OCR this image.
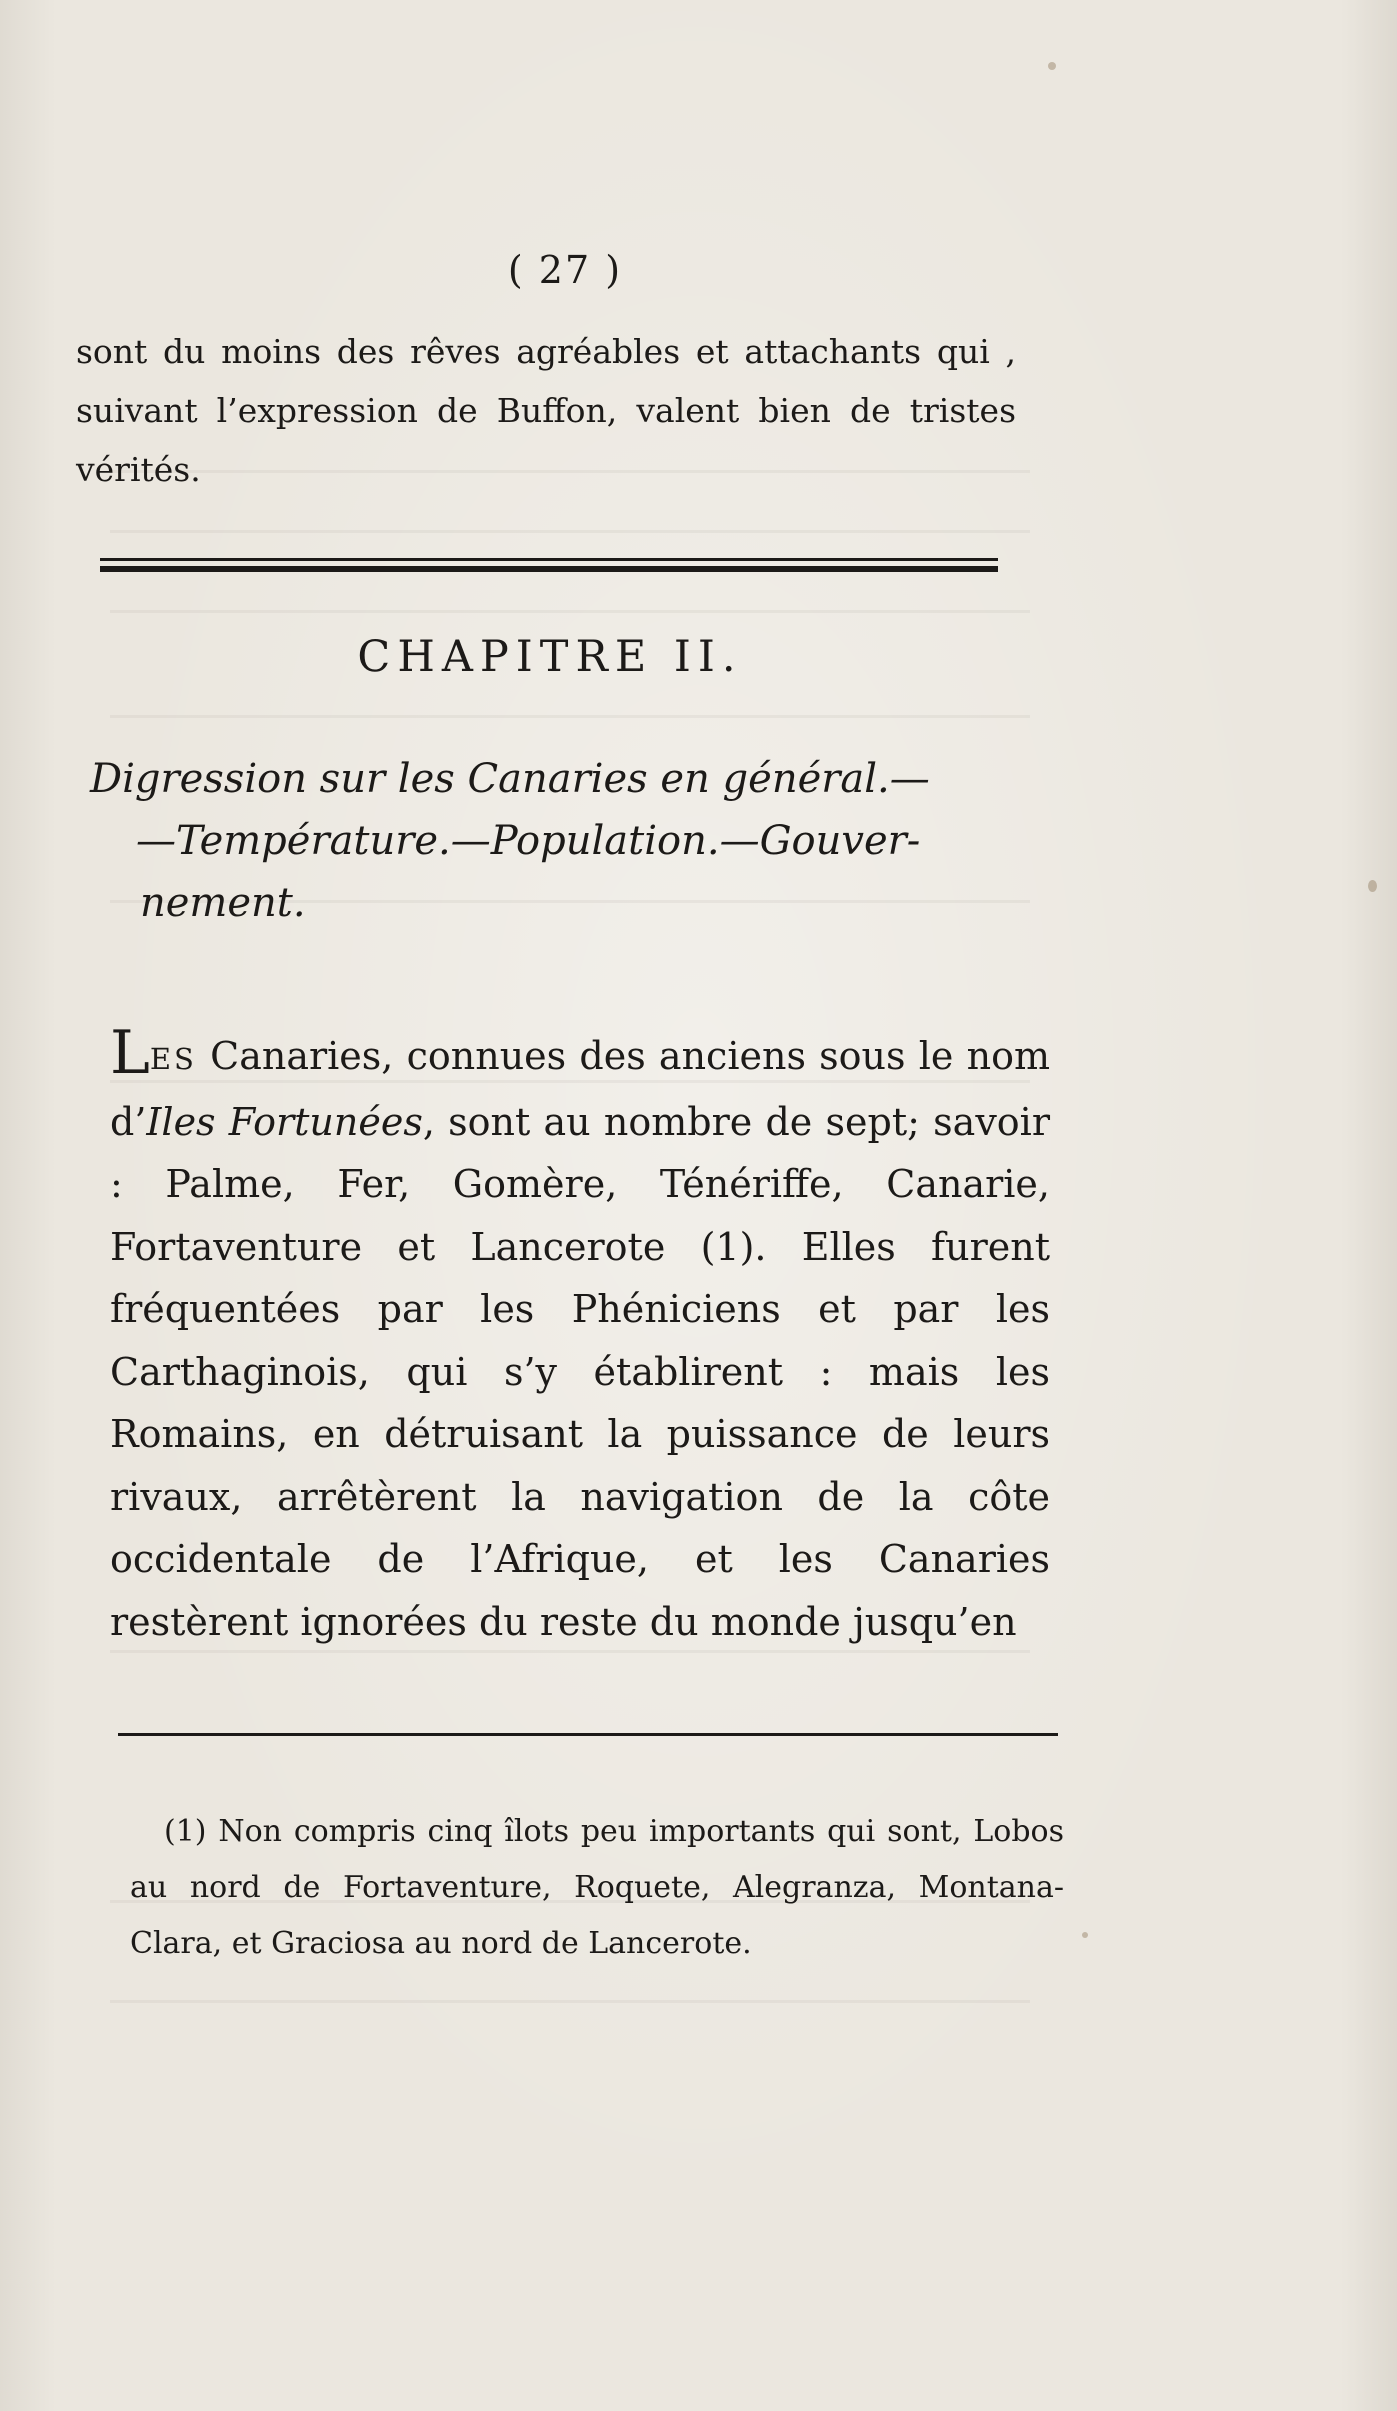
( 27 )
sont du moins des rêves agréables et attachants qui , suivant l’expression de Buffon, valent bien de tristes vérités.
CHAPITRE II.
Digression sur les Canaries en général.—
—Température.—Population.—Gouver-
nement.
LES Canaries, connues des anciens sous le nom d’Iles Fortunées, sont au nombre de sept; savoir : Palme, Fer, Gomère, Ténériffe, Canarie, Fortaventure et Lancerote (1). Elles furent fréquentées par les Phéniciens et par les Carthaginois, qui s’y établirent : mais les Romains, en détruisant la puissance de leurs rivaux, arrêtèrent la navigation de la côte occidentale de l’Afrique, et les Canaries restèrent ignorées du reste du monde jusqu’en
(1) Non compris cinq îlots peu importants qui sont, Lobos au nord de Fortaventure, Roquete, Alegranza, Montana-Clara, et Graciosa au nord de Lancerote.
